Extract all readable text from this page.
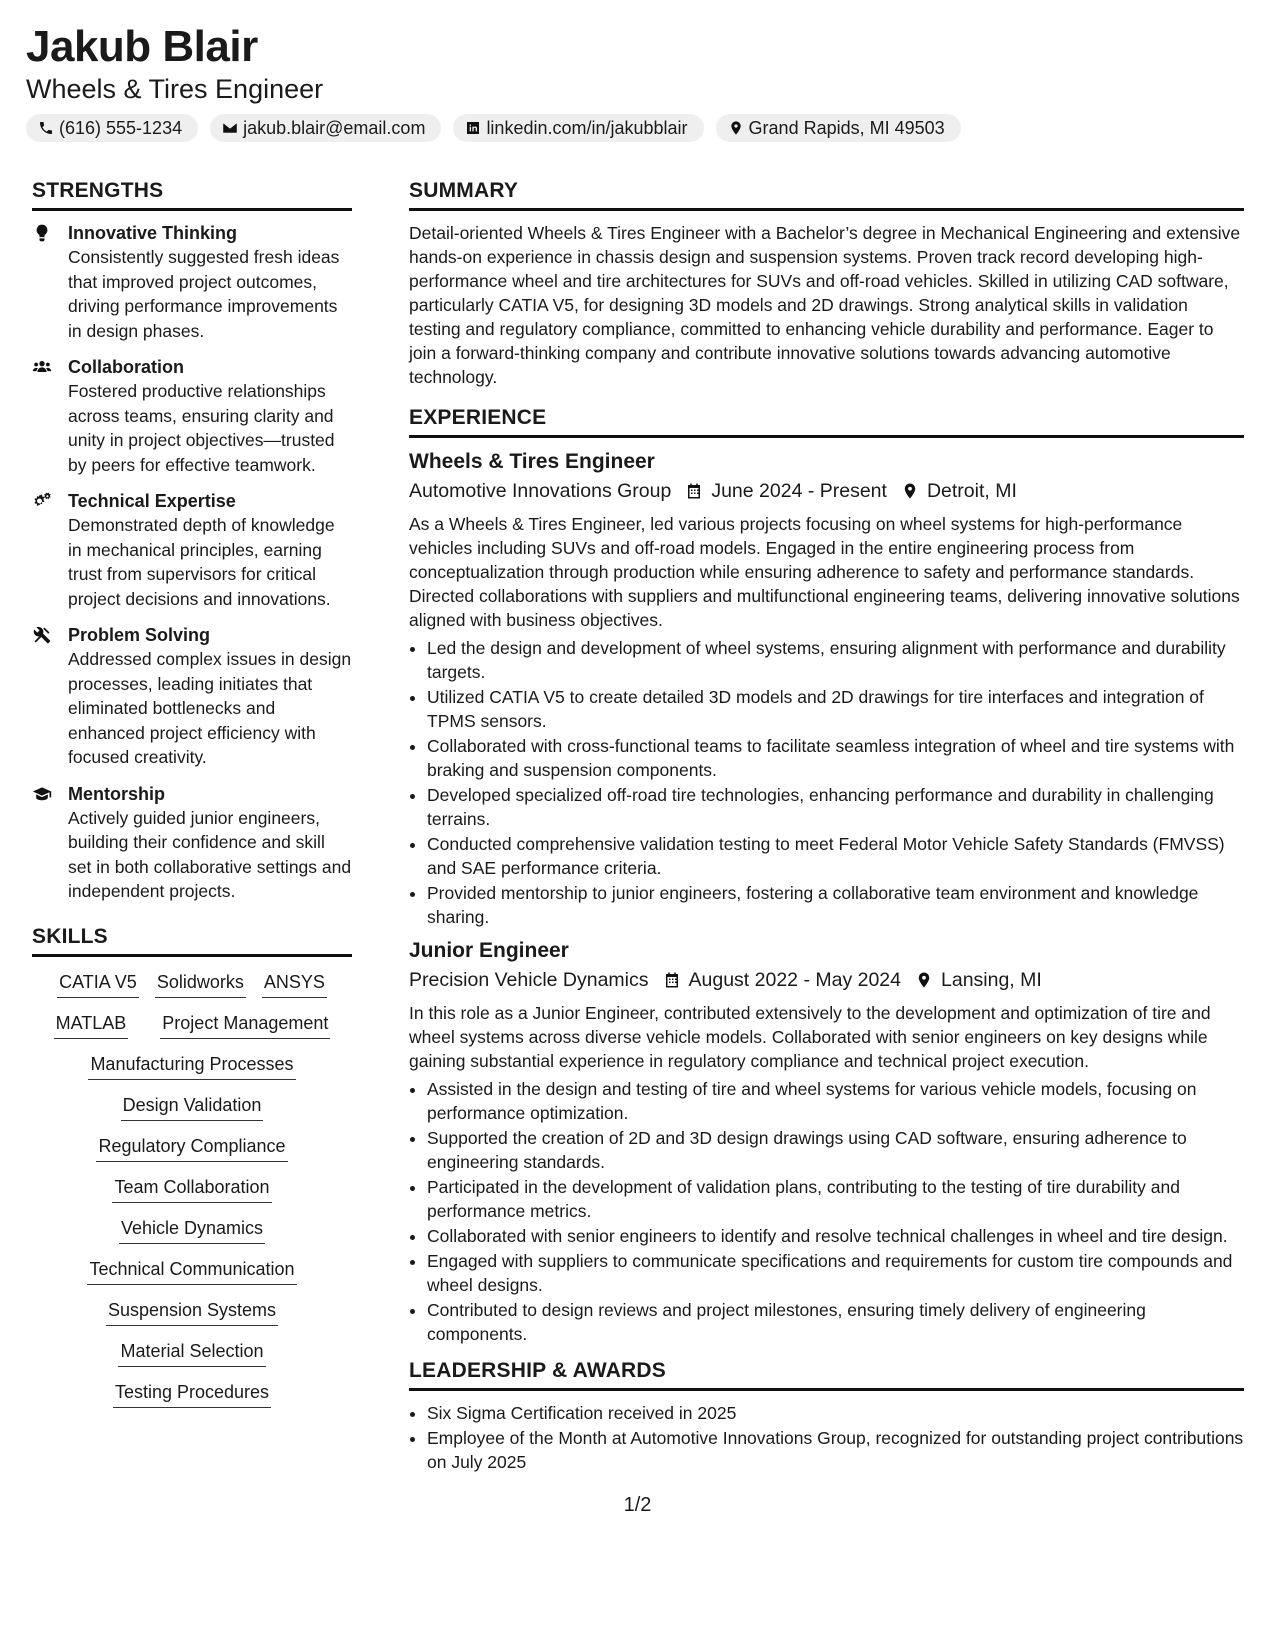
Jakub Blair
Wheels & Tires Engineer
(616) 555-1234	jakub.blair@email.com	linkedin.com/in/jakubblair	Grand Rapids, MI 49503
STRENGTHS
Innovative Thinking
Consistently suggested fresh ideas that improved project outcomes, driving performance improvements in design phases.
Collaboration
Fostered productive relationships across teams, ensuring clarity and unity in project objectives—trusted by peers for effective teamwork.
Technical Expertise
Demonstrated depth of knowledge in mechanical principles, earning trust from supervisors for critical project decisions and innovations.
Problem Solving
Addressed complex issues in design processes, leading initiates that eliminated bottlenecks and enhanced project efficiency with focused creativity.
Mentorship
Actively guided junior engineers, building their confidence and skill set in both collaborative settings and independent projects.
SKILLS
CATIA V5 Solidworks ANSYS
MATLAB Project Management
Manufacturing Processes
Design Validation
Regulatory Compliance
Team Collaboration
Vehicle Dynamics
Technical Communication
Suspension Systems
Material Selection
Testing Procedures
SUMMARY

Detail-oriented Wheels & Tires Engineer with a Bachelor’s degree in Mechanical Engineering and extensive hands-on experience in chassis design and suspension systems. Proven track record developing high-performance wheel and tire architectures for SUVs and off-road vehicles. Skilled in utilizing CAD software, particularly CATIA V5, for designing 3D models and 2D drawings. Strong analytical skills in validation testing and regulatory compliance, committed to enhancing vehicle durability and performance. Eager to join a forward-thinking company and contribute innovative solutions towards advancing automotive technology.

EXPERIENCE
Wheels & Tires Engineer
Automotive Innovations Group June 2024 - Present Detroit, MI

As a Wheels & Tires Engineer, led various projects focusing on wheel systems for high-performance vehicles including SUVs and off-road models. Engaged in the entire engineering process from conceptualization through production while ensuring adherence to safety and performance standards. Directed collaborations with suppliers and multifunctional engineering teams, delivering innovative solutions aligned with business objectives.

• Led the design and development of wheel systems, ensuring alignment with performance and durability targets.
• Utilized CATIA V5 to create detailed 3D models and 2D drawings for tire interfaces and integration of TPMS sensors.
• Collaborated with cross-functional teams to facilitate seamless integration of wheel and tire systems with braking and suspension components.
• Developed specialized off-road tire technologies, enhancing performance and durability in challenging terrains.
• Conducted comprehensive validation testing to meet Federal Motor Vehicle Safety Standards (FMVSS) and SAE performance criteria.
• Provided mentorship to junior engineers, fostering a collaborative team environment and knowledge sharing.
Junior Engineer
Precision Vehicle Dynamics August 2022 - May 2024 Lansing, MI

In this role as a Junior Engineer, contributed extensively to the development and optimization of tire and wheel systems across diverse vehicle models. Collaborated with senior engineers on key designs while gaining substantial experience in regulatory compliance and technical project execution.

• Assisted in the design and testing of tire and wheel systems for various vehicle models, focusing on performance optimization.
• Supported the creation of 2D and 3D design drawings using CAD software, ensuring adherence to engineering standards.
• Participated in the development of validation plans, contributing to the testing of tire durability and performance metrics.
• Collaborated with senior engineers to identify and resolve technical challenges in wheel and tire design.
• Engaged with suppliers to communicate specifications and requirements for custom tire compounds and wheel designs.
• Contributed to design reviews and project milestones, ensuring timely delivery of engineering components.
LEADERSHIP & AWARDS
• Six Sigma Certification received in 2025
• Employee of the Month at Automotive Innovations Group, recognized for outstanding project contributions on July 2025
1/2
